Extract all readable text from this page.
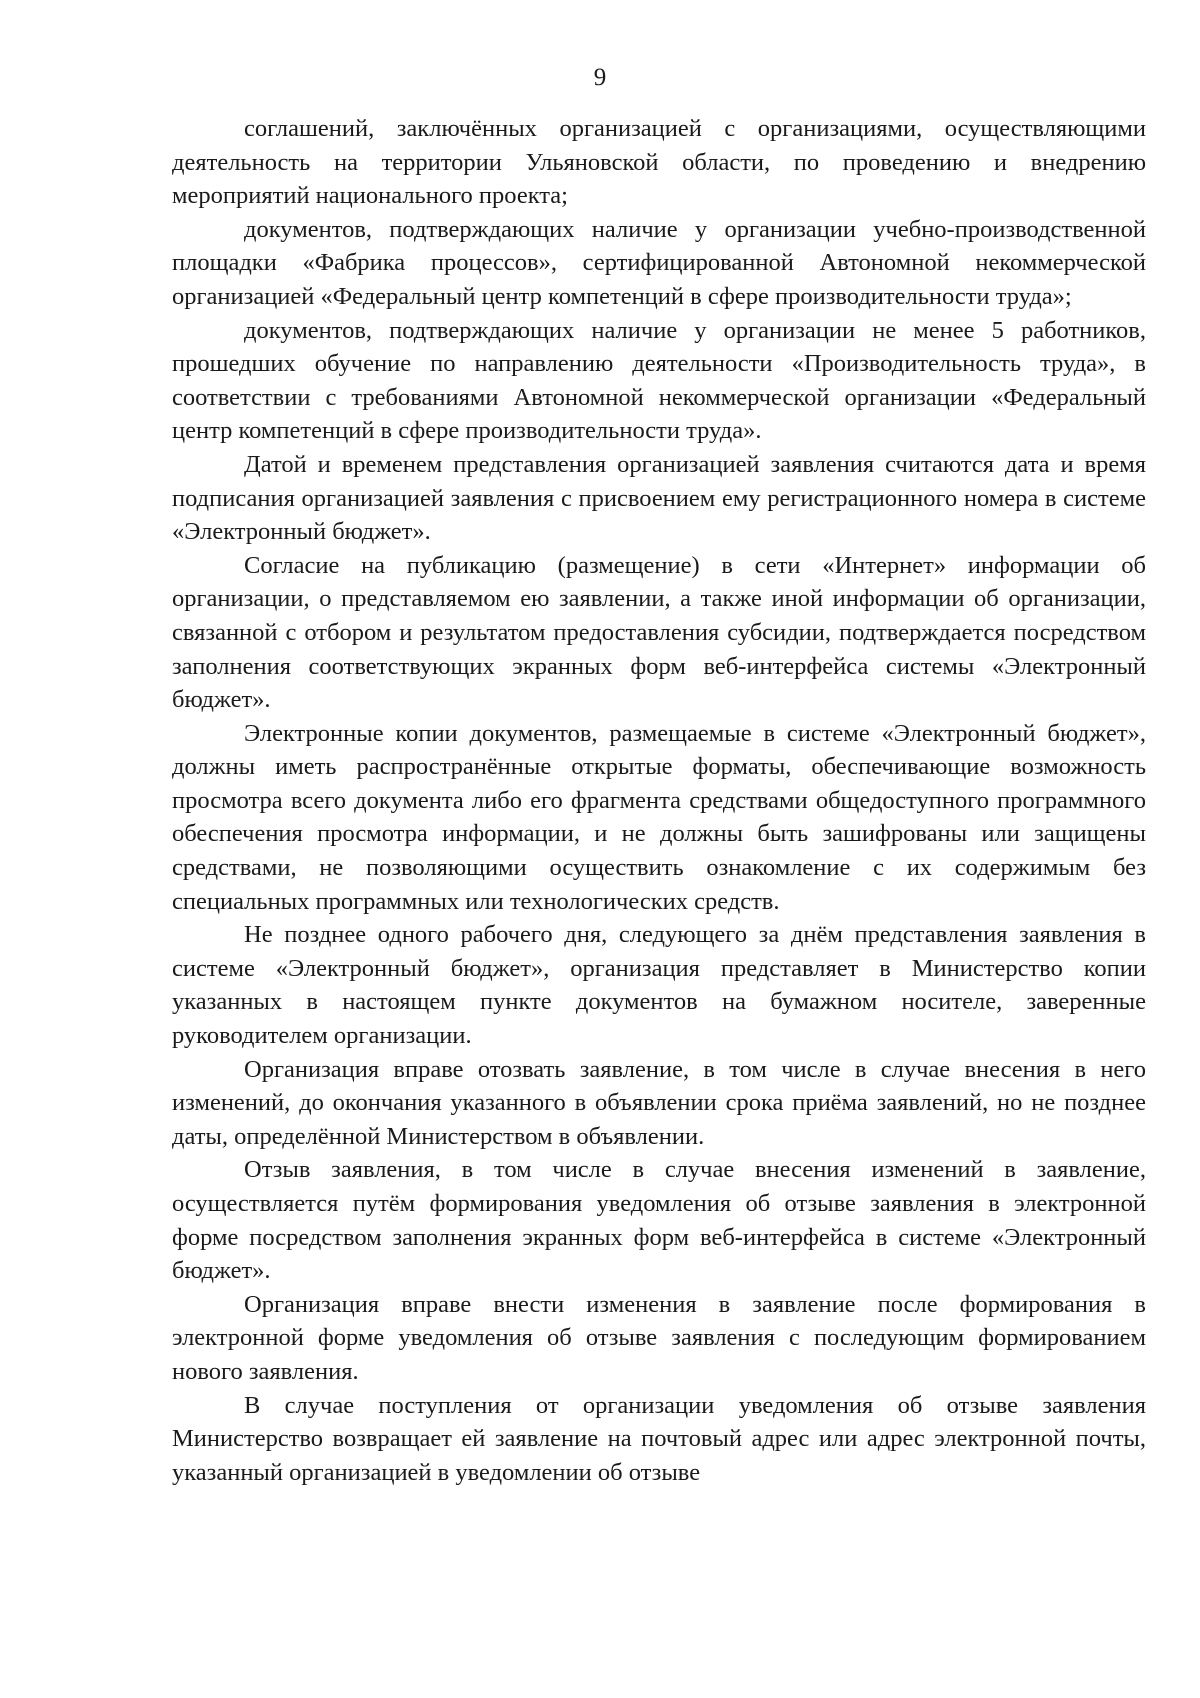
9

соглашений, заключённых организацией с организациями, осуществляющими деятельность на территории Ульяновской области, по проведению и внедрению мероприятий национального проекта;

документов, подтверждающих наличие у организации учебно-производственной площадки «Фабрика процессов», сертифицированной Автономной некоммерческой организацией «Федеральный центр компетенций в сфере производительности труда»;

документов, подтверждающих наличие у организации не менее 5 работников, прошедших обучение по направлению деятельности «Производительность труда», в соответствии с требованиями Автономной некоммерческой организации «Федеральный центр компетенций в сфере производительности труда».

Датой и временем представления организацией заявления считаются дата и время подписания организацией заявления с присвоением ему регистрационного номера в системе «Электронный бюджет».

Согласие на публикацию (размещение) в сети «Интернет» информации об организации, о представляемом ею заявлении, а также иной информации об организации, связанной с отбором и результатом предоставления субсидии, подтверждается посредством заполнения соответствующих экранных форм веб-интерфейса системы «Электронный бюджет».

Электронные копии документов, размещаемые в системе «Электронный бюджет», должны иметь распространённые открытые форматы, обеспечивающие возможность просмотра всего документа либо его фрагмента средствами общедоступного программного обеспечения просмотра информации, и не должны быть зашифрованы или защищены средствами, не позволяющими осуществить ознакомление с их содержимым без специальных программных или технологических средств.

Не позднее одного рабочего дня, следующего за днём представления заявления в системе «Электронный бюджет», организация представляет в Министерство копии указанных в настоящем пункте документов на бумажном носителе, заверенные руководителем организации.

Организация вправе отозвать заявление, в том числе в случае внесения в него изменений, до окончания указанного в объявлении срока приёма заявлений, но не позднее даты, определённой Министерством в объявлении.

Отзыв заявления, в том числе в случае внесения изменений в заявление, осуществляется путём формирования уведомления об отзыве заявления в электронной форме посредством заполнения экранных форм веб-интерфейса в системе «Электронный бюджет».

Организация вправе внести изменения в заявление после формирования в электронной форме уведомления об отзыве заявления с последующим формированием нового заявления.

В случае поступления от организации уведомления об отзыве заявления Министерство возвращает ей заявление на почтовый адрес или адрес электронной почты, указанный организацией в уведомлении об отзыве
